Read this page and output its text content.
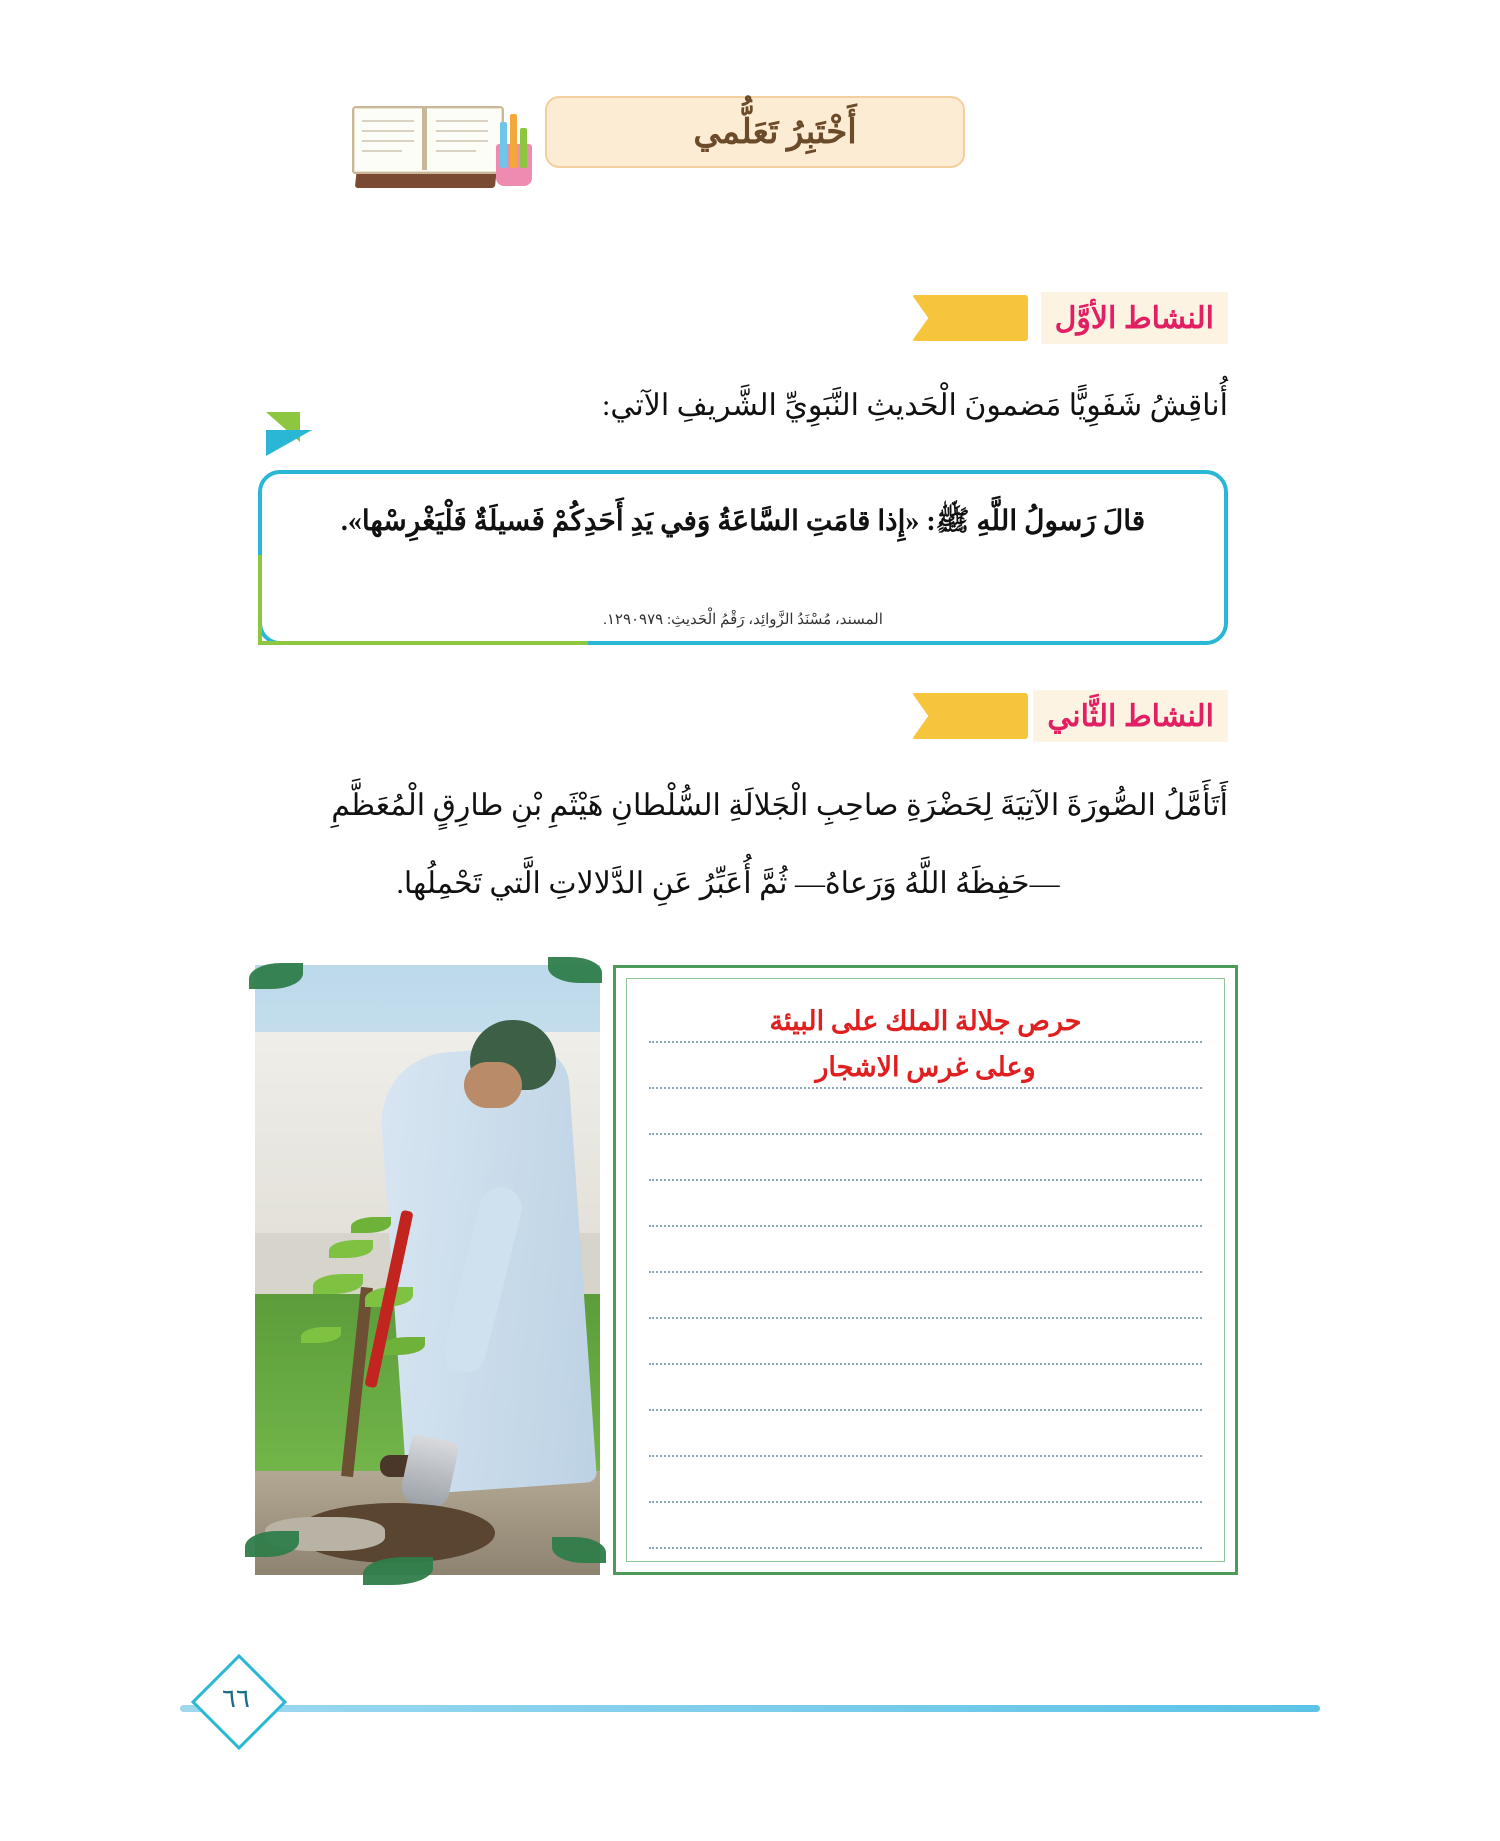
أَخْتَبِرُ تَعَلُّمي
النشاط الأوَّل
أُناقِشُ شَفَوِيًّا مَضمونَ الْحَديثِ النَّبَوِيِّ الشَّريفِ الآتي:
قالَ رَسولُ اللَّهِ ﷺ: «إِذا قامَتِ السَّاعَةُ وَفي يَدِ أَحَدِكُمْ فَسيلَةٌ فَلْيَغْرِسْها».
المسند، مُسْنَدُ الزَّوائِد، رَقْمُ الْحَديثِ: ١٢٩٠٩٧٩.
النشاط الثَّاني
أَتَأَمَّلُ الصُّورَةَ الآتِيَةَ لِحَضْرَةِ صاحِبِ الْجَلالَةِ السُّلْطانِ هَيْثَمِ بْنِ طارِقٍ الْمُعَظَّمِ
—حَفِظَهُ اللَّهُ وَرَعاهُ— ثُمَّ أُعَبِّرُ عَنِ الدَّلالاتِ الَّتي تَحْمِلُها.
حرص جلالة الملك على البيئة
وعلى غرس الاشجار
٦٦
